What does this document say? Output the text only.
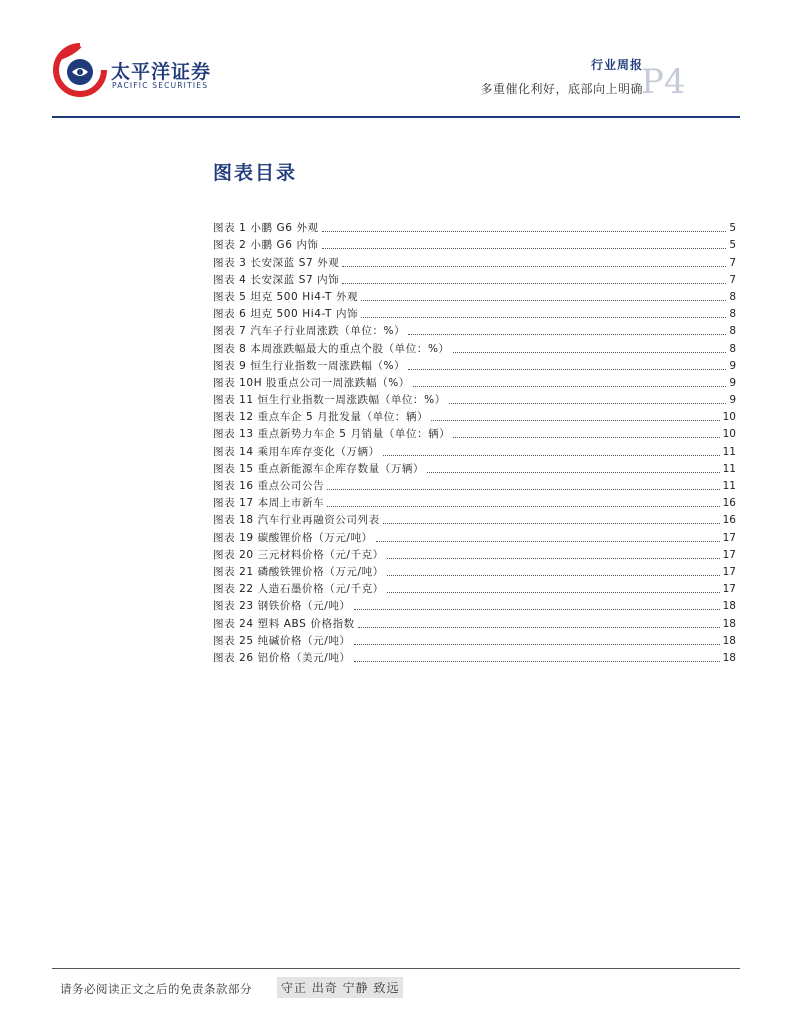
太平洋证券
PACIFIC SECURITIES
行业周报
多重催化利好，底部向上明确
P4
图表目录
图表 1 小鹏 G6 外观	5
图表 2 小鹏 G6 内饰	5
图表 3 长安深蓝 S7 外观	7
图表 4 长安深蓝 S7 内饰	7
图表 5 坦克 500 Hi4-T 外观	8
图表 6 坦克 500 Hi4-T 内饰	8
图表 7 汽车子行业周涨跌（单位：%）	8
图表 8 本周涨跌幅最大的重点个股（单位：%）	8
图表 9 恒生行业指数一周涨跌幅（%）	9
图表 10H 股重点公司一周涨跌幅（%）	9
图表 11 恒生行业指数一周涨跌幅（单位：%）	9
图表 12 重点车企 5 月批发量（单位：辆）	10
图表 13 重点新势力车企 5 月销量（单位：辆）	10
图表 14 乘用车库存变化（万辆）	11
图表 15 重点新能源车企库存数量（万辆）	11
图表 16 重点公司公告	11
图表 17 本周上市新车	16
图表 18 汽车行业再融资公司列表	16
图表 19 碳酸锂价格（万元/吨）	17
图表 20 三元材料价格（元/千克）	17
图表 21 磷酸铁锂价格（万元/吨）	17
图表 22 人造石墨价格（元/千克）	17
图表 23 钢铁价格（元/吨）	18
图表 24 塑料 ABS 价格指数	18
图表 25 纯碱价格（元/吨）	18
图表 26 铝价格（美元/吨）	18
请务必阅读正文之后的免责条款部分	守正 出奇 宁静 致远
